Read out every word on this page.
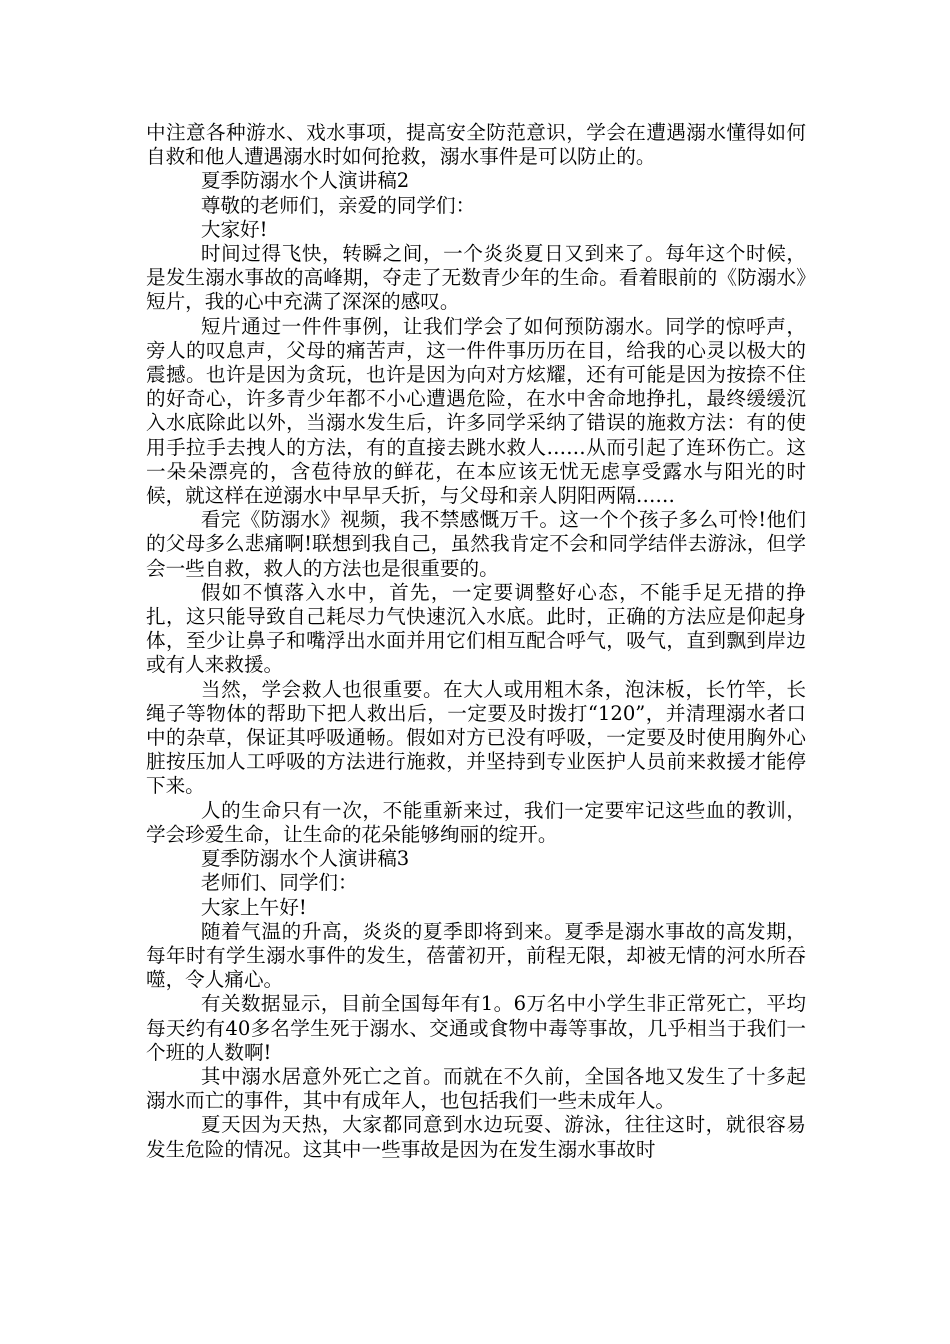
中注意各种游水、戏水事项，提高安全防范意识，学会在遭遇溺水懂得如何自救和他人遭遇溺水时如何抢救，溺水事件是可以防止的。

夏季防溺水个人演讲稿2

尊敬的老师们，亲爱的同学们：

大家好!

时间过得飞快，转瞬之间，一个炎炎夏日又到来了。每年这个时候，是发生溺水事故的高峰期，夺走了无数青少年的生命。看着眼前的《防溺水》短片，我的心中充满了深深的感叹。

短片通过一件件事例，让我们学会了如何预防溺水。同学的惊呼声，旁人的叹息声，父母的痛苦声，这一件件事历历在目，给我的心灵以极大的震撼。也许是因为贪玩，也许是因为向对方炫耀，还有可能是因为按捺不住的好奇心，许多青少年都不小心遭遇危险，在水中舍命地挣扎，最终缓缓沉入水底除此以外，当溺水发生后，许多同学采纳了错误的施救方法：有的使用手拉手去拽人的方法，有的直接去跳水救人……从而引起了连环伤亡。这一朵朵漂亮的，含苞待放的鲜花，在本应该无忧无虑享受露水与阳光的时候，就这样在逆溺水中早早夭折，与父母和亲人阴阳两隔……

看完《防溺水》视频，我不禁感慨万千。这一个个孩子多么可怜!他们的父母多么悲痛啊!联想到我自己，虽然我肯定不会和同学结伴去游泳，但学会一些自救，救人的方法也是很重要的。

假如不慎落入水中，首先，一定要调整好心态，不能手足无措的挣扎，这只能导致自己耗尽力气快速沉入水底。此时，正确的方法应是仰起身体，至少让鼻子和嘴浮出水面并用它们相互配合呼气，吸气，直到飘到岸边或有人来救援。

当然，学会救人也很重要。在大人或用粗木条，泡沫板，长竹竿，长绳子等物体的帮助下把人救出后，一定要及时拨打“120”，并清理溺水者口中的杂草，保证其呼吸通畅。假如对方已没有呼吸，一定要及时使用胸外心脏按压加人工呼吸的方法进行施救，并坚持到专业医护人员前来救援才能停下来。

人的生命只有一次，不能重新来过，我们一定要牢记这些血的教训，学会珍爱生命，让生命的花朵能够绚丽的绽开。

夏季防溺水个人演讲稿3

老师们、同学们：

大家上午好!

随着气温的升高，炎炎的夏季即将到来。夏季是溺水事故的高发期，每年时有学生溺水事件的发生，蓓蕾初开，前程无限，却被无情的河水所吞噬，令人痛心。

有关数据显示，目前全国每年有1。6万名中小学生非正常死亡，平均每天约有40多名学生死于溺水、交通或食物中毒等事故，几乎相当于我们一个班的人数啊!

其中溺水居意外死亡之首。而就在不久前，全国各地又发生了十多起溺水而亡的事件，其中有成年人，也包括我们一些未成年人。

夏天因为天热，大家都同意到水边玩耍、游泳，往往这时，就很容易发生危险的情况。这其中一些事故是因为在发生溺水事故时
